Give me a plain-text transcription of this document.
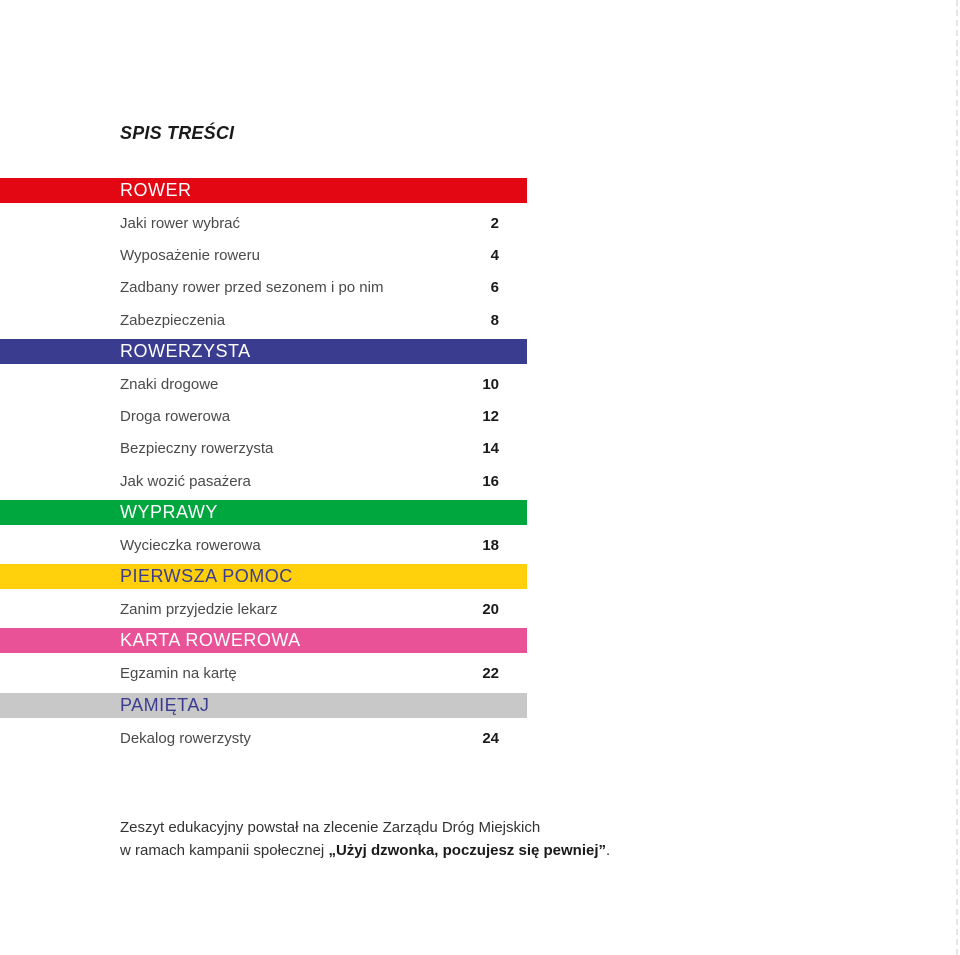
SPIS TREŚCI
ROWER
Jaki rower wybrać	2
Wyposażenie roweru	4
Zadbany rower przed sezonem i po nim	6
Zabezpieczenia	8
ROWERZYSTA
Znaki drogowe	10
Droga rowerowa	12
Bezpieczny rowerzysta	14
Jak wozić pasażera	16
WYPRAWY
Wycieczka rowerowa	18
PIERWSZA POMOC
Zanim przyjedzie lekarz	20
KARTA ROWEROWA
Egzamin na kartę	22
PAMIĘTAJ
Dekalog rowerzysty	24
Zeszyt edukacyjny powstał na zlecenie Zarządu Dróg Miejskich
w ramach kampanii społecznej „Użyj dzwonka, poczujesz się pewniej”.
